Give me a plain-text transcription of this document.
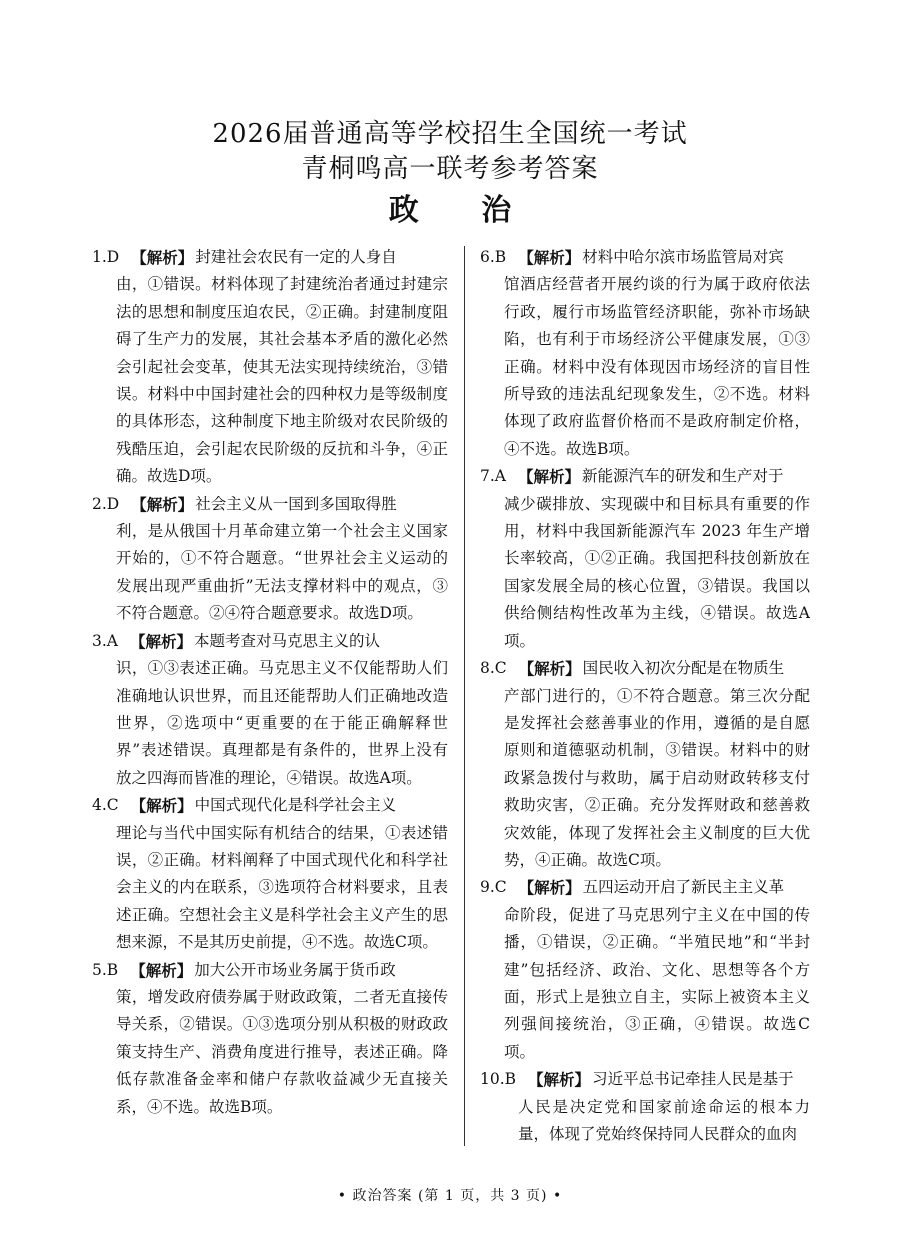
2026届普通高等学校招生全国统一考试
青桐鸣高一联考参考答案
政 治
1.D 【解析】 封建社会农民有一定的人身自
由，①错误。材料体现了封建统治者通过封建宗法的思想和制度压迫农民，②正确。封建制度阻碍了生产力的发展，其社会基本矛盾的激化必然会引起社会变革，使其无法实现持续统治，③错误。材料中中国封建社会的四种权力是等级制度的具体形态，这种制度下地主阶级对农民阶级的残酷压迫，会引起农民阶级的反抗和斗争，④正确。故选D项。
2.D 【解析】 社会主义从一国到多国取得胜
利，是从俄国十月革命建立第一个社会主义国家开始的，①不符合题意。“世界社会主义运动的发展出现严重曲折”无法支撑材料中的观点，③不符合题意。②④符合题意要求。故选D项。
3.A 【解析】 本题考查对马克思主义的认
识，①③表述正确。马克思主义不仅能帮助人们准确地认识世界，而且还能帮助人们正确地改造世界，②选项中“更重要的在于能正确解释世界”表述错误。真理都是有条件的，世界上没有放之四海而皆准的理论，④错误。故选A项。
4.C 【解析】 中国式现代化是科学社会主义
理论与当代中国实际有机结合的结果，①表述错误，②正确。材料阐释了中国式现代化和科学社会主义的内在联系，③选项符合材料要求，且表述正确。空想社会主义是科学社会主义产生的思想来源，不是其历史前提，④不选。故选C项。
5.B 【解析】 加大公开市场业务属于货币政
策，增发政府债券属于财政政策，二者无直接传导关系，②错误。①③选项分别从积极的财政政策支持生产、消费角度进行推导，表述正确。降低存款准备金率和储户存款收益减少无直接关系，④不选。故选B项。
6.B 【解析】 材料中哈尔滨市场监管局对宾
馆酒店经营者开展约谈的行为属于政府依法行政，履行市场监管经济职能，弥补市场缺陷，也有利于市场经济公平健康发展，①③正确。材料中没有体现因市场经济的盲目性所导致的违法乱纪现象发生，②不选。材料体现了政府监督价格而不是政府制定价格，④不选。故选B项。
7.A 【解析】 新能源汽车的研发和生产对于
减少碳排放、实现碳中和目标具有重要的作用，材料中我国新能源汽车 2023 年生产增长率较高，①②正确。我国把科技创新放在国家发展全局的核心位置，③错误。我国以供给侧结构性改革为主线，④错误。故选A项。
8.C 【解析】 国民收入初次分配是在物质生
产部门进行的，①不符合题意。第三次分配是发挥社会慈善事业的作用，遵循的是自愿原则和道德驱动机制，③错误。材料中的财政紧急拨付与救助，属于启动财政转移支付救助灾害，②正确。充分发挥财政和慈善救灾效能，体现了发挥社会主义制度的巨大优势，④正确。故选C项。
9.C 【解析】 五四运动开启了新民主主义革
命阶段，促进了马克思列宁主义在中国的传播，①错误，②正确。“半殖民地”和“半封建”包括经济、政治、文化、思想等各个方面，形式上是独立自主，实际上被资本主义列强间接统治，③正确，④错误。故选C项。
10.B 【解析】 习近平总书记牵挂人民是基于
人民是决定党和国家前途命运的根本力量，体现了党始终保持同人民群众的血肉
• 政治答案 (第 1 页，共 3 页) •
